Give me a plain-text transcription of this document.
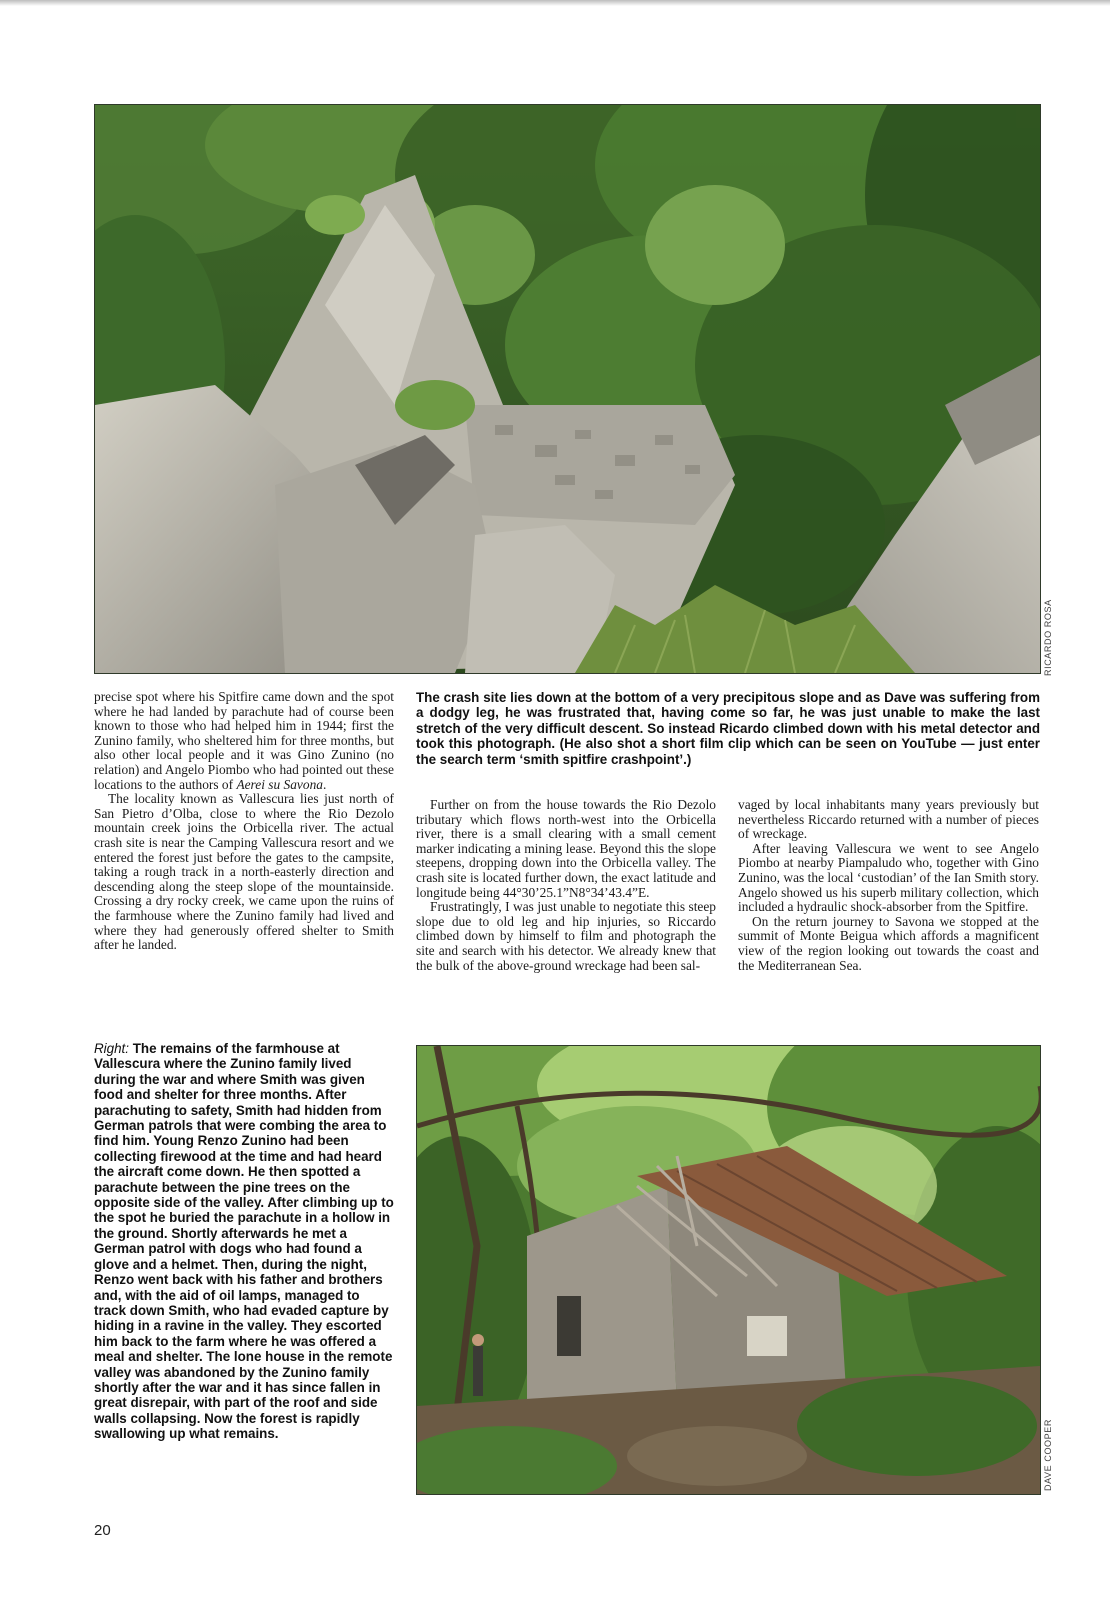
RICARDO ROSA

The crash site lies down at the bottom of a very precipitous slope and as Dave was suffering from a dodgy leg, he was frustrated that, having come so far, he was just unable to make the last stretch of the very difficult descent. So instead Ricardo climbed down with his metal detector and took this photograph. (He also shot a short film clip which can be seen on YouTube — just enter the search term ‘smith spitfire crashpoint’.)

precise spot where his Spitfire came down and the spot where he had landed by parachute had of course been known to those who had helped him in 1944; first the Zunino family, who sheltered him for three months, but also other local people and it was Gino Zunino (no relation) and Angelo Piombo who had pointed out these locations to the authors of Aerei su Savona.

The locality known as Vallescura lies just north of San Pietro d’Olba, close to where the Rio Dezolo mountain creek joins the Orbicella river. The actual crash site is near the Camping Vallescura resort and we entered the forest just before the gates to the campsite, taking a rough track in a north-easterly direction and descending along the steep slope of the mountainside. Crossing a dry rocky creek, we came upon the ruins of the farmhouse where the Zunino family had lived and where they had generously offered shelter to Smith after he landed.

Further on from the house towards the Rio Dezolo tributary which flows north-west into the Orbicella river, there is a small clearing with a small cement marker indicating a mining lease. Beyond this the slope steepens, dropping down into the Orbicella valley. The crash site is located further down, the exact latitude and longitude being 44°30’25.1”N8°34’43.4”E.

Frustratingly, I was just unable to negotiate this steep slope due to old leg and hip injuries, so Riccardo climbed down by himself to film and photograph the site and search with his detector. We already knew that the bulk of the above-ground wreckage had been sal-

vaged by local inhabitants many years previously but nevertheless Riccardo returned with a number of pieces of wreckage.

After leaving Vallescura we went to see Angelo Piombo at nearby Piampaludo who, together with Gino Zunino, was the local ‘custodian’ of the Ian Smith story. Angelo showed us his superb military collection, which included a hydraulic shock-absorber from the Spitfire.

On the return journey to Savona we stopped at the summit of Monte Beigua which affords a magnificent view of the region looking out towards the coast and the Mediterranean Sea.

Right: The remains of the farmhouse at Vallescura where the Zunino family lived during the war and where Smith was given food and shelter for three months. After parachuting to safety, Smith had hidden from German patrols that were combing the area to find him. Young Renzo Zunino had been collecting firewood at the time and had heard the aircraft come down. He then spotted a parachute between the pine trees on the opposite side of the valley. After climbing up to the spot he buried the parachute in a hollow in the ground. Shortly afterwards he met a German patrol with dogs who had found a glove and a helmet. Then, during the night, Renzo went back with his father and brothers and, with the aid of oil lamps, managed to track down Smith, who had evaded capture by hiding in a ravine in the valley. They escorted him back to the farm where he was offered a meal and shelter. The lone house in the remote valley was abandoned by the Zunino family shortly after the war and it has since fallen in great disrepair, with part of the roof and side walls collapsing. Now the forest is rapidly swallowing up what remains.	DAVE COOPER
20
